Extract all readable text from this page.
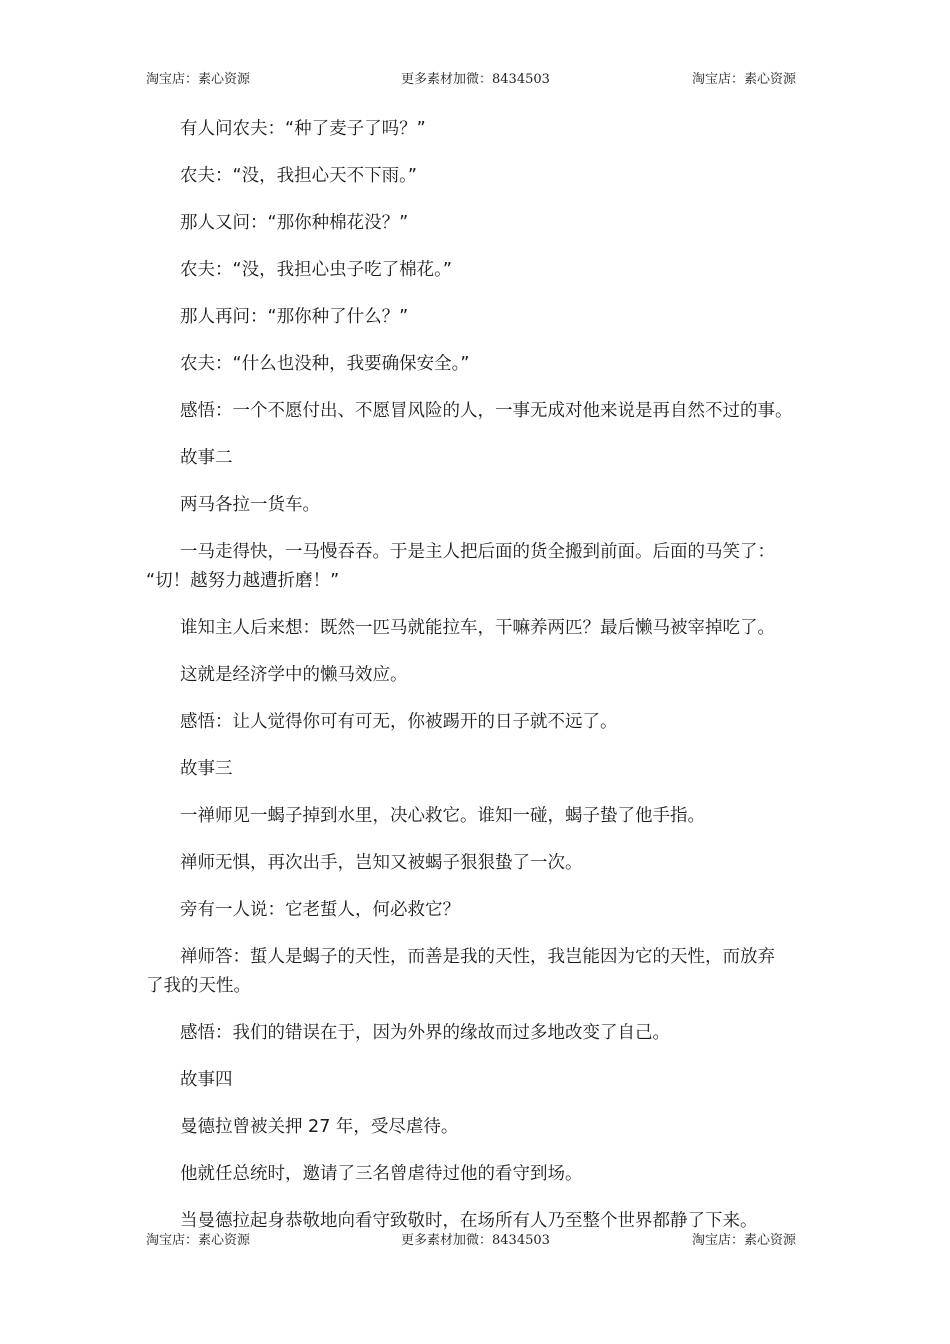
淘宝店：素心资源	更多素材加微：8434503	淘宝店：素心资源

有人问农夫：“种了麦子了吗？”

农夫：“没，我担心天不下雨。”

那人又问：“那你种棉花没？”

农夫：“没，我担心虫子吃了棉花。”

那人再问：“那你种了什么？”

农夫：“什么也没种，我要确保安全。”

感悟：一个不愿付出、不愿冒风险的人，一事无成对他来说是再自然不过的事。

故事二

两马各拉一货车。

一马走得快，一马慢吞吞。于是主人把后面的货全搬到前面。后面的马笑了：
“切！越努力越遭折磨！”

谁知主人后来想：既然一匹马就能拉车，干嘛养两匹？最后懒马被宰掉吃了。

这就是经济学中的懒马效应。

感悟：让人觉得你可有可无，你被踢开的日子就不远了。

故事三

一禅师见一蝎子掉到水里，决心救它。谁知一碰，蝎子蛰了他手指。

禅师无惧，再次出手，岂知又被蝎子狠狠蛰了一次。

旁有一人说：它老蜇人，何必救它？

禅师答：蜇人是蝎子的天性，而善是我的天性，我岂能因为它的天性，而放弃
了我的天性。

感悟：我们的错误在于，因为外界的缘故而过多地改变了自己。

故事四

曼德拉曾被关押 27 年，受尽虐待。

他就任总统时，邀请了三名曾虐待过他的看守到场。

当曼德拉起身恭敬地向看守致敬时，在场所有人乃至整个世界都静了下来。

淘宝店：素心资源	更多素材加微：8434503	淘宝店：素心资源
